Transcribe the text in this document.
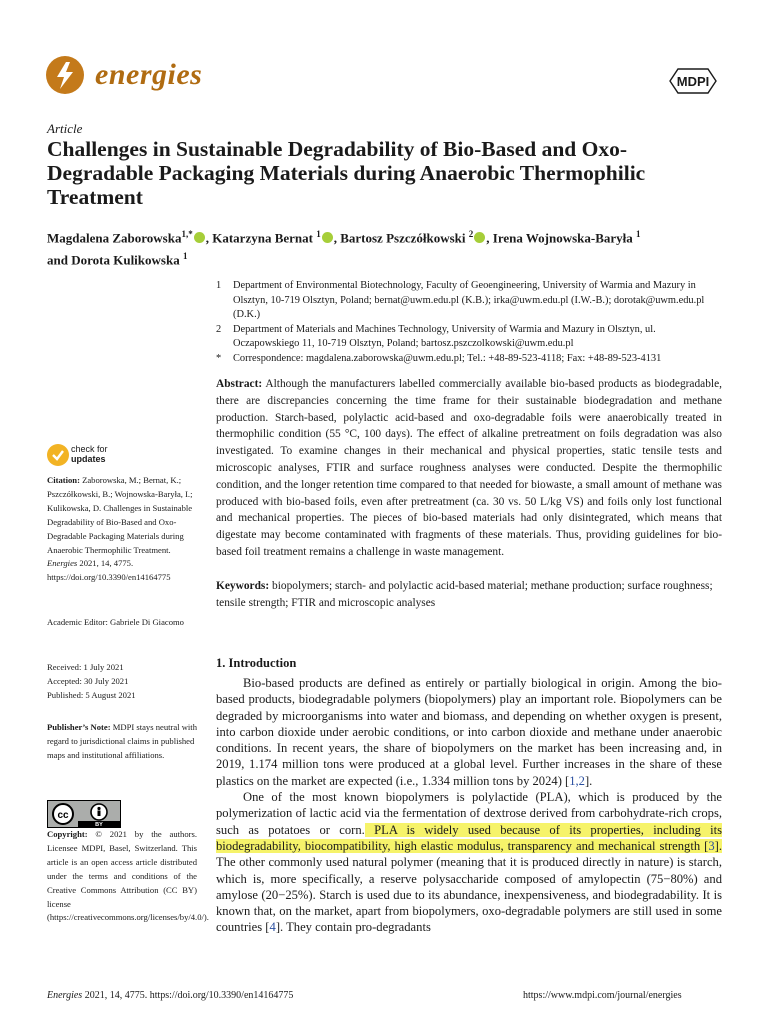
energies	MDPI
Article
Challenges in Sustainable Degradability of Bio-Based and Oxo-Degradable Packaging Materials during Anaerobic Thermophilic Treatment
Magdalena Zaborowska$^{1,*}$ , Katarzyna Bernat $^1$ , Bartosz Pszczółkowski $^2$ , Irena Wojnowska-Baryła $^1$
and Dorota Kulikowska $^1$
1	Department of Environmental Biotechnology, Faculty of Geoengineering, University of Warmia and Mazury in Olsztyn, 10-719 Olsztyn, Poland; bernat@uwm.edu.pl (K.B.); irka@uwm.edu.pl (I.W.-B.); dorotak@uwm.edu.pl (D.K.)
2	Department of Materials and Machines Technology, University of Warmia and Mazury in Olsztyn, ul. Oczapowskiego 11, 10-719 Olsztyn, Poland; bartosz.pszczolkowski@uwm.edu.pl
*	Correspondence: magdalena.zaborowska@uwm.edu.pl; Tel.: +48-89-523-4118; Fax: +48-89-523-4131
Abstract: Although the manufacturers labelled commercially available bio-based products as biodegradable, there are discrepancies concerning the time frame for their sustainable biodegradation and methane production. Starch-based, polylactic acid-based and oxo-degradable foils were anaerobically treated in thermophilic condition (55 °C, 100 days). The effect of alkaline pretreatment on foils degradation was also investigated. To examine changes in their mechanical and physical properties, static tensile tests and microscopic analyses, FTIR and surface roughness analyses were conducted. Despite the thermophilic condition, and the longer retention time compared to that needed for biowaste, a small amount of methane was produced with bio-based foils, even after pretreatment (ca. 30 vs. 50 L/kg VS) and foils only lost functional and mechanical properties. The pieces of bio-based materials had only disintegrated, which means that digestate may become contaminated with fragments of these materials. Thus, providing guidelines for bio-based foil treatment remains a challenge in waste management.
Keywords: biopolymers; starch- and polylactic acid-based material; methane production; surface roughness; tensile strength; FTIR and microscopic analyses
check for
updates
Citation: Zaborowska, M.; Bernat, K.; Pszczółkowski, B.; Wojnowska-Baryła, I.; Kulikowska, D. Challenges in Sustainable Degradability of Bio-Based and Oxo-Degradable Packaging Materials during Anaerobic Thermophilic Treatment. Energies 2021, 14, 4775. https://doi.org/10.3390/en14164775
Academic Editor: Gabriele Di Giacomo
Received: 1 July 2021
Accepted: 30 July 2021
Published: 5 August 2021
Publisher’s Note: MDPI stays neutral with regard to jurisdictional claims in published maps and institutional affiliations.
cc
BY
Copyright: © 2021 by the authors. Licensee MDPI, Basel, Switzerland. This article is an open access article distributed under the terms and conditions of the Creative Commons Attribution (CC BY) license (https://creativecommons.org/licenses/by/4.0/).
1. Introduction

Bio-based products are defined as entirely or partially biological in origin. Among the bio-based products, biodegradable polymers (biopolymers) play an important role. Biopolymers can be degraded by microorganisms into water and biomass, and depending on whether oxygen is present, into carbon dioxide under aerobic conditions, or into carbon dioxide and methane under anaerobic conditions. In recent years, the share of biopolymers on the market has been increasing and, in 2019, 1.174 million tons were produced at a global level. Further increases in the share of these plastics on the market are expected (i.e., 1.334 million tons by 2024) [1,2].

One of the most known biopolymers is polylactide (PLA), which is produced by the polymerization of lactic acid via the fermentation of dextrose derived from carbohydrate-rich crops, such as potatoes or corn. PLA is widely used because of its properties, including its biodegradability, biocompatibility, high elastic modulus, transparency and mechanical strength [3]. The other commonly used natural polymer (meaning that it is produced directly in nature) is starch, which is, more specifically, a reserve polysaccharide composed of amylopectin (75−80%) and amylose (20−25%). Starch is used due to its abundance, inexpensiveness, and biodegradability. It is known that, on the market, apart from biopolymers, oxo-degradable polymers are still used in some countries [4]. They contain pro-degradants

Energies 2021, 14, 4775. https://doi.org/10.3390/en14164775	https://www.mdpi.com/journal/energies
